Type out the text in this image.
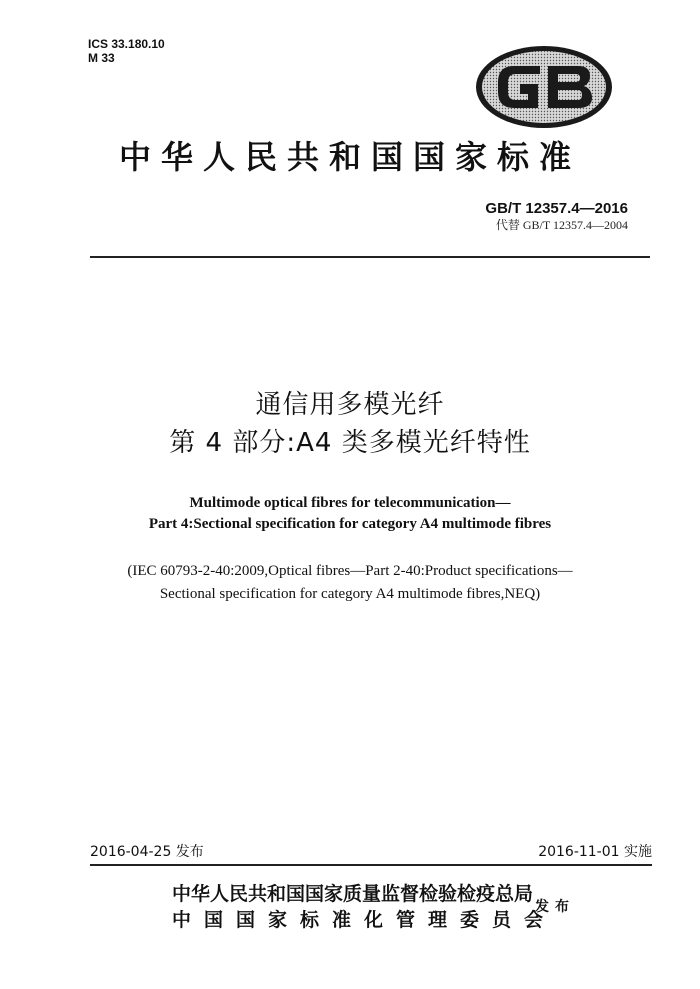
ICS 33.180.10
M 33
中华人民共和国国家标准
GB/T 12357.4—2016
代替 GB/T 12357.4—2004
通信用多模光纤
第 4 部分:A4 类多模光纤特性
Multimode optical fibres for telecommunication—
Part 4:Sectional specification for category A4 multimode fibres
(IEC 60793-2-40:2009,Optical fibres—Part 2-40:Product specifications—
Sectional specification for category A4 multimode fibres,NEQ)
2016-04-25 发布	2016-11-01 实施
中华人民共和国国家质量监督检验检疫总局
中国国家标准化管理委员会
发布
